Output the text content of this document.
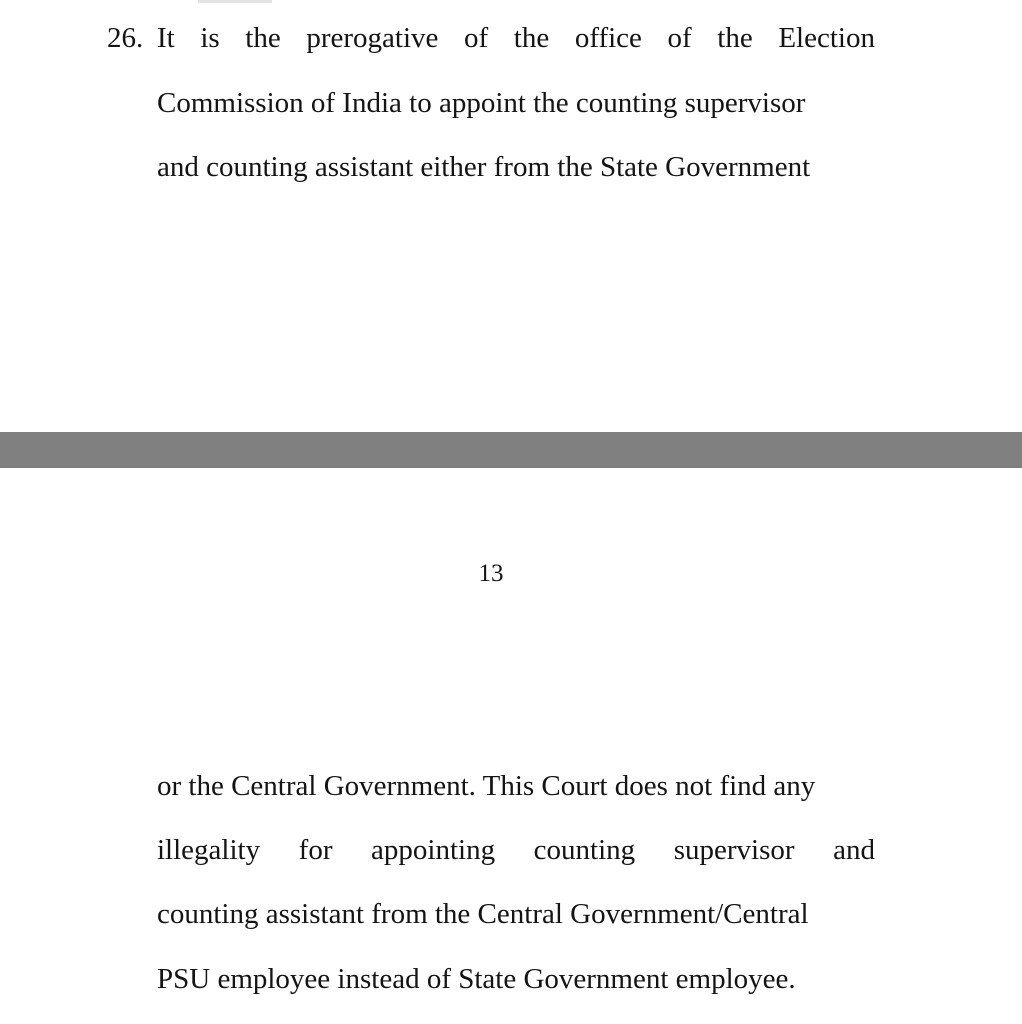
26. It is the prerogative of the office of the Election
Commission of India to appoint the counting supervisor
and counting assistant either from the State Government
13
or the Central Government. This Court does not find any
illegality for appointing counting supervisor and
counting assistant from the Central Government/Central
PSU employee instead of State Government employee.
